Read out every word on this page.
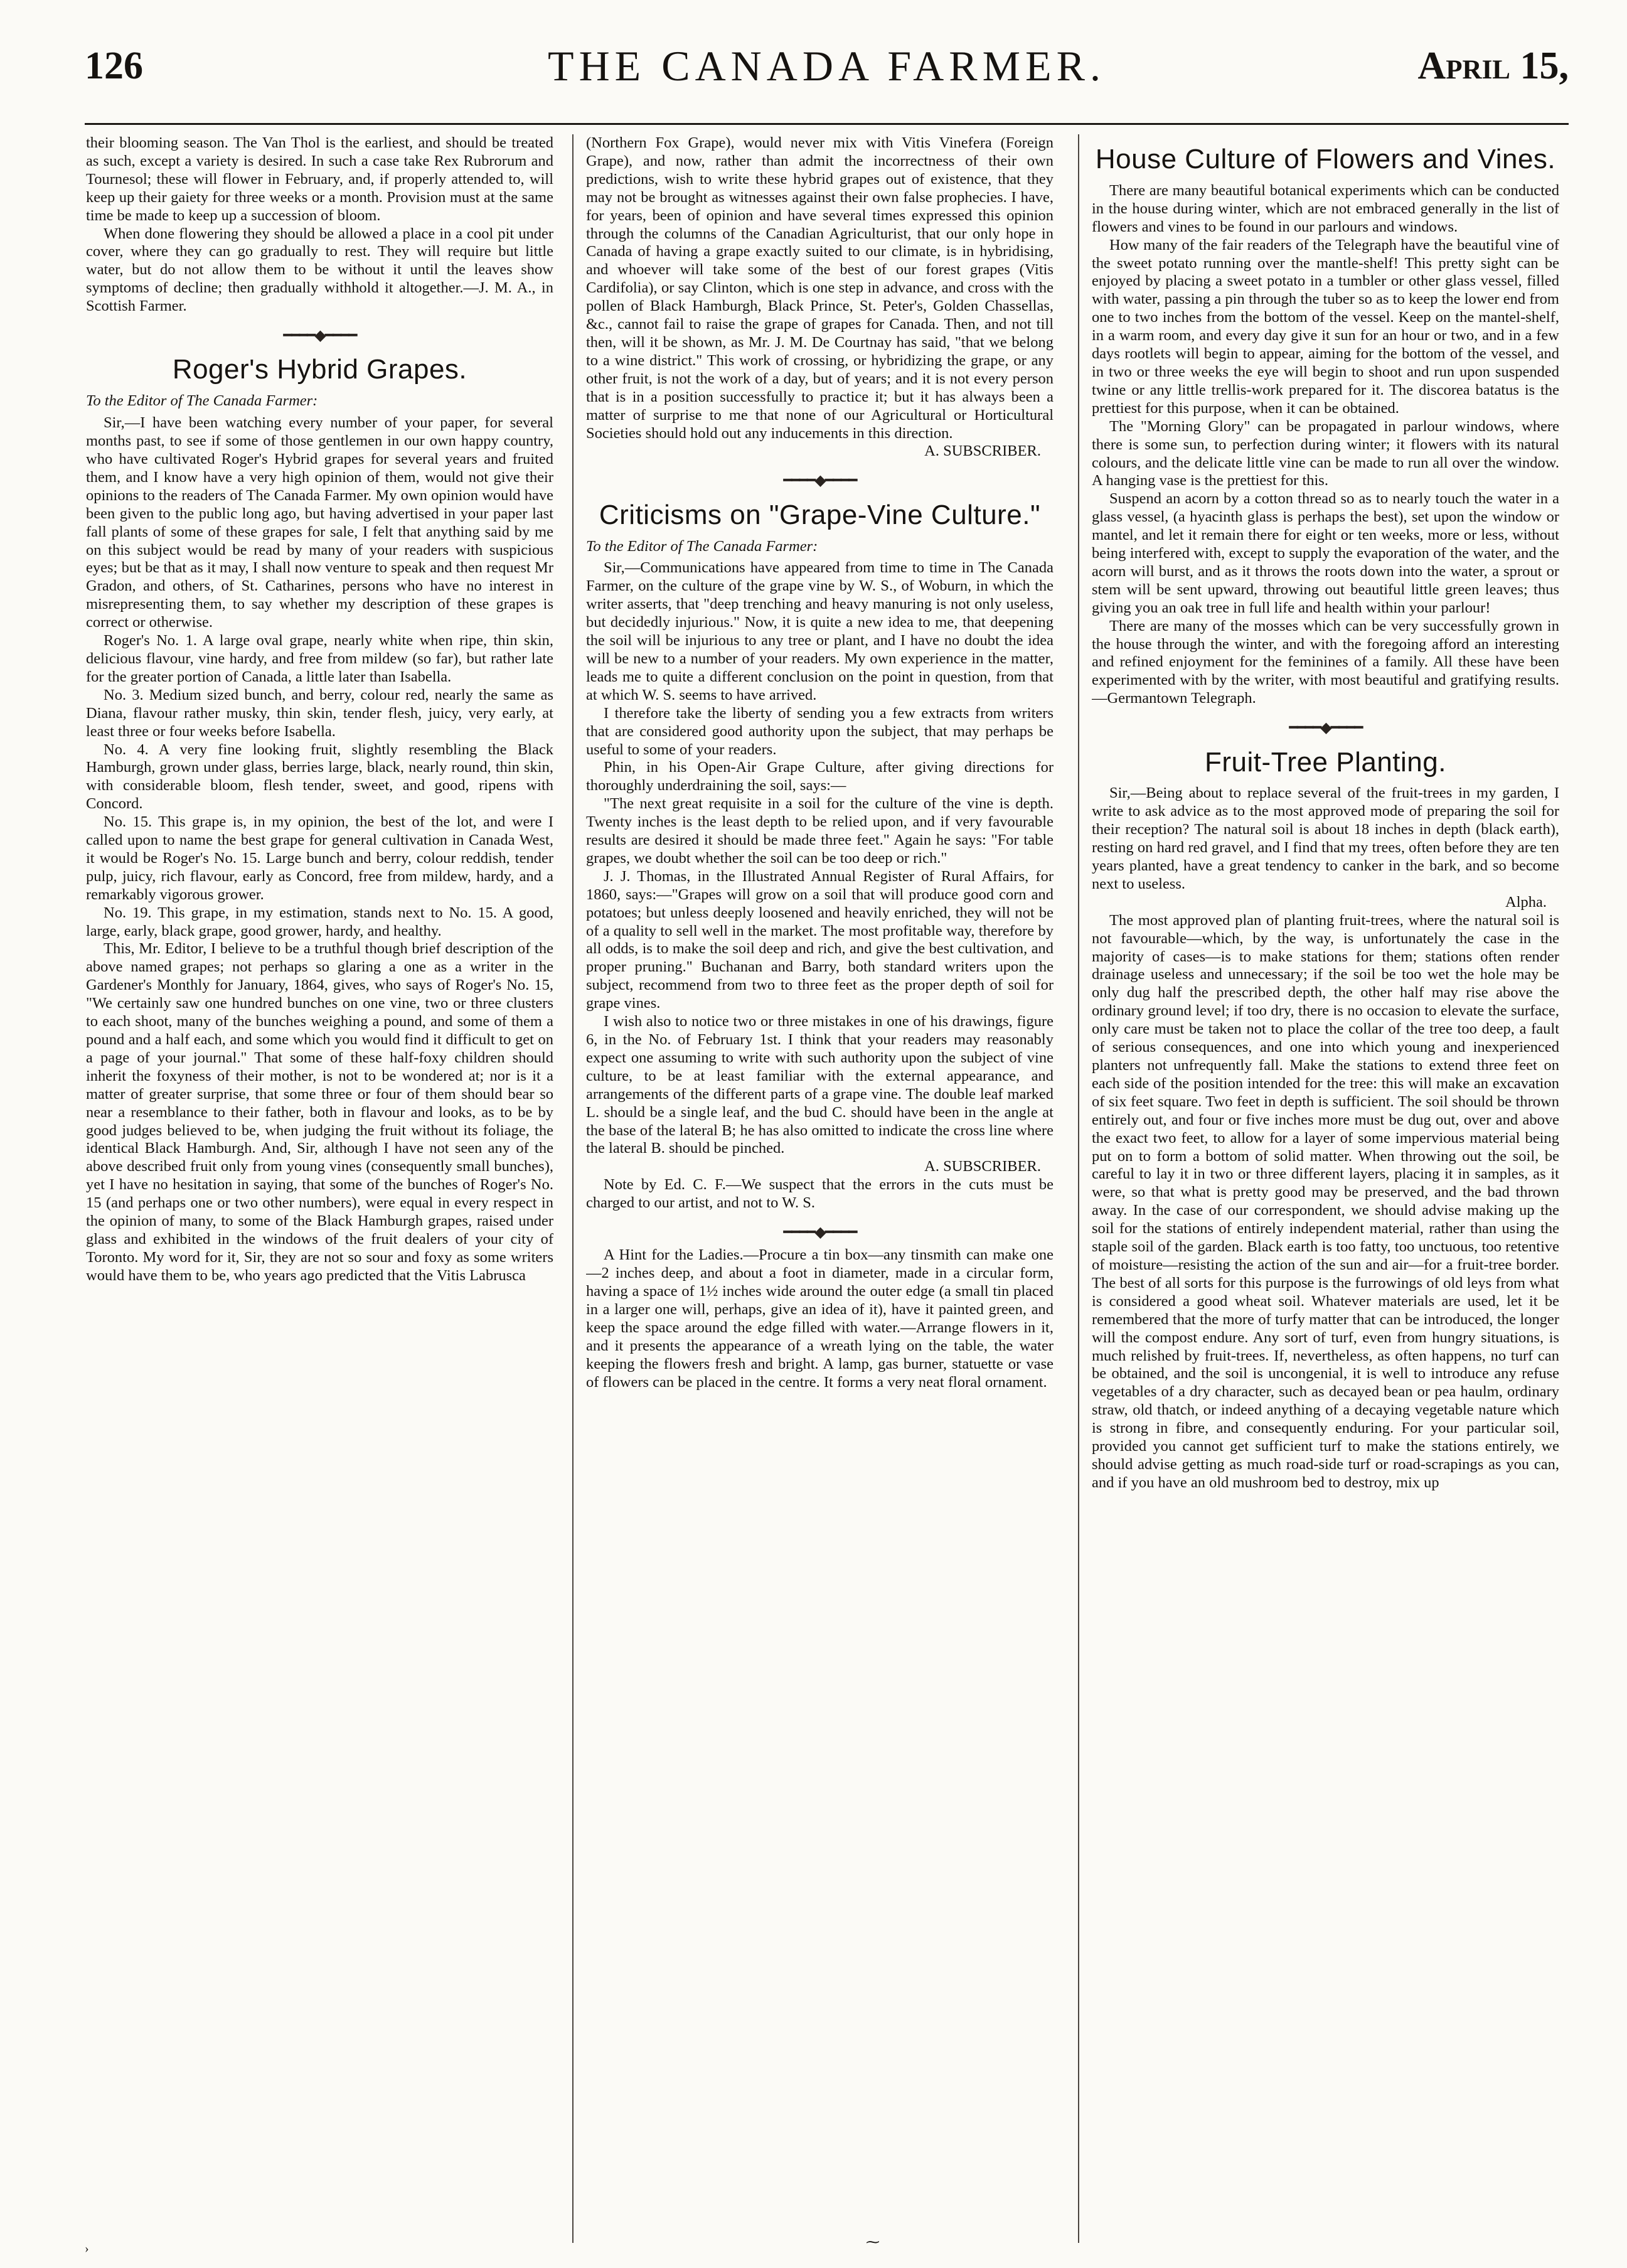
126	THE CANADA FARMER.	April 15,

their blooming season. The Van Thol is the earliest, and should be treated as such, except a variety is desired. In such a case take Rex Rubrorum and Tournesol; these will flower in February, and, if properly attended to, will keep up their gaiety for three weeks or a month. Provision must at the same time be made to keep up a succession of bloom.

When done flowering they should be allowed a place in a cool pit under cover, where they can go gradually to rest. They will require but little water, but do not allow them to be without it until the leaves show symptoms of decline; then gradually withhold it altogether.—J. M. A., in Scottish Farmer.

━━━━◆━━━━
Roger's Hybrid Grapes.
To the Editor of The Canada Farmer:

Sir,—I have been watching every number of your paper, for several months past, to see if some of those gentlemen in our own happy country, who have cultivated Roger's Hybrid grapes for several years and fruited them, and I know have a very high opinion of them, would not give their opinions to the readers of The Canada Farmer. My own opinion would have been given to the public long ago, but having advertised in your paper last fall plants of some of these grapes for sale, I felt that anything said by me on this subject would be read by many of your readers with suspicious eyes; but be that as it may, I shall now venture to speak and then request Mr Gradon, and others, of St. Catharines, persons who have no interest in misrepresenting them, to say whether my description of these grapes is correct or otherwise.

Roger's No. 1. A large oval grape, nearly white when ripe, thin skin, delicious flavour, vine hardy, and free from mildew (so far), but rather late for the greater portion of Canada, a little later than Isabella.

No. 3. Medium sized bunch, and berry, colour red, nearly the same as Diana, flavour rather musky, thin skin, tender flesh, juicy, very early, at least three or four weeks before Isabella.

No. 4. A very fine looking fruit, slightly resembling the Black Hamburgh, grown under glass, berries large, black, nearly round, thin skin, with considerable bloom, flesh tender, sweet, and good, ripens with Concord.

No. 15. This grape is, in my opinion, the best of the lot, and were I called upon to name the best grape for general cultivation in Canada West, it would be Roger's No. 15. Large bunch and berry, colour reddish, tender pulp, juicy, rich flavour, early as Concord, free from mildew, hardy, and a remarkably vigorous grower.

No. 19. This grape, in my estimation, stands next to No. 15. A good, large, early, black grape, good grower, hardy, and healthy.

This, Mr. Editor, I believe to be a truthful though brief description of the above named grapes; not perhaps so glaring a one as a writer in the Gardener's Monthly for January, 1864, gives, who says of Roger's No. 15, "We certainly saw one hundred bunches on one vine, two or three clusters to each shoot, many of the bunches weighing a pound, and some of them a pound and a half each, and some which you would find it difficult to get on a page of your journal." That some of these half-foxy children should inherit the foxyness of their mother, is not to be wondered at; nor is it a matter of greater surprise, that some three or four of them should bear so near a resemblance to their father, both in flavour and looks, as to be by good judges believed to be, when judging the fruit without its foliage, the identical Black Hamburgh. And, Sir, although I have not seen any of the above described fruit only from young vines (consequently small bunches), yet I have no hesitation in saying, that some of the bunches of Roger's No. 15 (and perhaps one or two other numbers), were equal in every respect in the opinion of many, to some of the Black Hamburgh grapes, raised under glass and exhibited in the windows of the fruit dealers of your city of Toronto. My word for it, Sir, they are not so sour and foxy as some writers would have them to be, who years ago predicted that the Vitis Labrusca

(Northern Fox Grape), would never mix with Vitis Vinefera (Foreign Grape), and now, rather than admit the incorrectness of their own predictions, wish to write these hybrid grapes out of existence, that they may not be brought as witnesses against their own false prophecies. I have, for years, been of opinion and have several times expressed this opinion through the columns of the Canadian Agriculturist, that our only hope in Canada of having a grape exactly suited to our climate, is in hybridising, and whoever will take some of the best of our forest grapes (Vitis Cardifolia), or say Clinton, which is one step in advance, and cross with the pollen of Black Hamburgh, Black Prince, St. Peter's, Golden Chassellas, &c., cannot fail to raise the grape of grapes for Canada. Then, and not till then, will it be shown, as Mr. J. M. De Courtnay has said, "that we belong to a wine district." This work of crossing, or hybridizing the grape, or any other fruit, is not the work of a day, but of years; and it is not every person that is in a position successfully to practice it; but it has always been a matter of surprise to me that none of our Agricultural or Horticultural Societies should hold out any inducements in this direction.

A. SUBSCRIBER.
━━━━◆━━━━
Criticisms on "Grape-Vine Culture."
To the Editor of The Canada Farmer:

Sir,—Communications have appeared from time to time in The Canada Farmer, on the culture of the grape vine by W. S., of Woburn, in which the writer asserts, that "deep trenching and heavy manuring is not only useless, but decidedly injurious." Now, it is quite a new idea to me, that deepening the soil will be injurious to any tree or plant, and I have no doubt the idea will be new to a number of your readers. My own experience in the matter, leads me to quite a different conclusion on the point in question, from that at which W. S. seems to have arrived.

I therefore take the liberty of sending you a few extracts from writers that are considered good authority upon the subject, that may perhaps be useful to some of your readers.

Phin, in his Open-Air Grape Culture, after giving directions for thoroughly underdraining the soil, says:—

"The next great requisite in a soil for the culture of the vine is depth. Twenty inches is the least depth to be relied upon, and if very favourable results are desired it should be made three feet." Again he says: "For table grapes, we doubt whether the soil can be too deep or rich."

J. J. Thomas, in the Illustrated Annual Register of Rural Affairs, for 1860, says:—"Grapes will grow on a soil that will produce good corn and potatoes; but unless deeply loosened and heavily enriched, they will not be of a quality to sell well in the market. The most profitable way, therefore by all odds, is to make the soil deep and rich, and give the best cultivation, and proper pruning." Buchanan and Barry, both standard writers upon the subject, recommend from two to three feet as the proper depth of soil for grape vines.

I wish also to notice two or three mistakes in one of his drawings, figure 6, in the No. of February 1st. I think that your readers may reasonably expect one assuming to write with such authority upon the subject of vine culture, to be at least familiar with the external appearance, and arrangements of the different parts of a grape vine. The double leaf marked L. should be a single leaf, and the bud C. should have been in the angle at the base of the lateral B; he has also omitted to indicate the cross line where the lateral B. should be pinched.

A. SUBSCRIBER.

Note by Ed. C. F.—We suspect that the errors in the cuts must be charged to our artist, and not to W. S.

━━━━◆━━━━

A Hint for the Ladies.—Procure a tin box—any tinsmith can make one—2 inches deep, and about a foot in diameter, made in a circular form, having a space of 1½ inches wide around the outer edge (a small tin placed in a larger one will, perhaps, give an idea of it), have it painted green, and keep the space around the edge filled with water.—Arrange flowers in it, and it presents the appearance of a wreath lying on the table, the water keeping the flowers fresh and bright. A lamp, gas burner, statuette or vase of flowers can be placed in the centre. It forms a very neat floral ornament.

House Culture of Flowers and Vines.

There are many beautiful botanical experiments which can be conducted in the house during winter, which are not embraced generally in the list of flowers and vines to be found in our parlours and windows.

How many of the fair readers of the Telegraph have the beautiful vine of the sweet potato running over the mantle-shelf! This pretty sight can be enjoyed by placing a sweet potato in a tumbler or other glass vessel, filled with water, passing a pin through the tuber so as to keep the lower end from one to two inches from the bottom of the vessel. Keep on the mantel-shelf, in a warm room, and every day give it sun for an hour or two, and in a few days rootlets will begin to appear, aiming for the bottom of the vessel, and in two or three weeks the eye will begin to shoot and run upon suspended twine or any little trellis-work prepared for it. The discorea batatus is the prettiest for this purpose, when it can be obtained.

The "Morning Glory" can be propagated in parlour windows, where there is some sun, to perfection during winter; it flowers with its natural colours, and the delicate little vine can be made to run all over the window. A hanging vase is the prettiest for this.

Suspend an acorn by a cotton thread so as to nearly touch the water in a glass vessel, (a hyacinth glass is perhaps the best), set upon the window or mantel, and let it remain there for eight or ten weeks, more or less, without being interfered with, except to supply the evaporation of the water, and the acorn will burst, and as it throws the roots down into the water, a sprout or stem will be sent upward, throwing out beautiful little green leaves; thus giving you an oak tree in full life and health within your parlour!

There are many of the mosses which can be very successfully grown in the house through the winter, and with the foregoing afford an interesting and refined enjoyment for the feminines of a family. All these have been experimented with by the writer, with most beautiful and gratifying results.—Germantown Telegraph.

━━━━◆━━━━
Fruit-Tree Planting.

Sir,—Being about to replace several of the fruit-trees in my garden, I write to ask advice as to the most approved mode of preparing the soil for their reception? The natural soil is about 18 inches in depth (black earth), resting on hard red gravel, and I find that my trees, often before they are ten years planted, have a great tendency to canker in the bark, and so become next to useless.

Alpha.

The most approved plan of planting fruit-trees, where the natural soil is not favourable—which, by the way, is unfortunately the case in the majority of cases—is to make stations for them; stations often render drainage useless and unnecessary; if the soil be too wet the hole may be only dug half the prescribed depth, the other half may rise above the ordinary ground level; if too dry, there is no occasion to elevate the surface, only care must be taken not to place the collar of the tree too deep, a fault of serious consequences, and one into which young and inexperienced planters not unfrequently fall. Make the stations to extend three feet on each side of the position intended for the tree: this will make an excavation of six feet square. Two feet in depth is sufficient. The soil should be thrown entirely out, and four or five inches more must be dug out, over and above the exact two feet, to allow for a layer of some impervious material being put on to form a bottom of solid matter. When throwing out the soil, be careful to lay it in two or three different layers, placing it in samples, as it were, so that what is pretty good may be preserved, and the bad thrown away. In the case of our correspondent, we should advise making up the soil for the stations of entirely independent material, rather than using the staple soil of the garden. Black earth is too fatty, too unctuous, too retentive of moisture—resisting the action of the sun and air—for a fruit-tree border. The best of all sorts for this purpose is the furrowings of old leys from what is considered a good wheat soil. Whatever materials are used, let it be remembered that the more of turfy matter that can be introduced, the longer will the compost endure. Any sort of turf, even from hungry situations, is much relished by fruit-trees. If, nevertheless, as often happens, no turf can be obtained, and the soil is uncongenial, it is well to introduce any refuse vegetables of a dry character, such as decayed bean or pea haulm, ordinary straw, old thatch, or indeed anything of a decaying vegetable nature which is strong in fibre, and consequently enduring. For your particular soil, provided you cannot get sufficient turf to make the stations entirely, we should advise getting as much road-side turf or road-scrapings as you can, and if you have an old mushroom bed to destroy, mix up

›	⁓
